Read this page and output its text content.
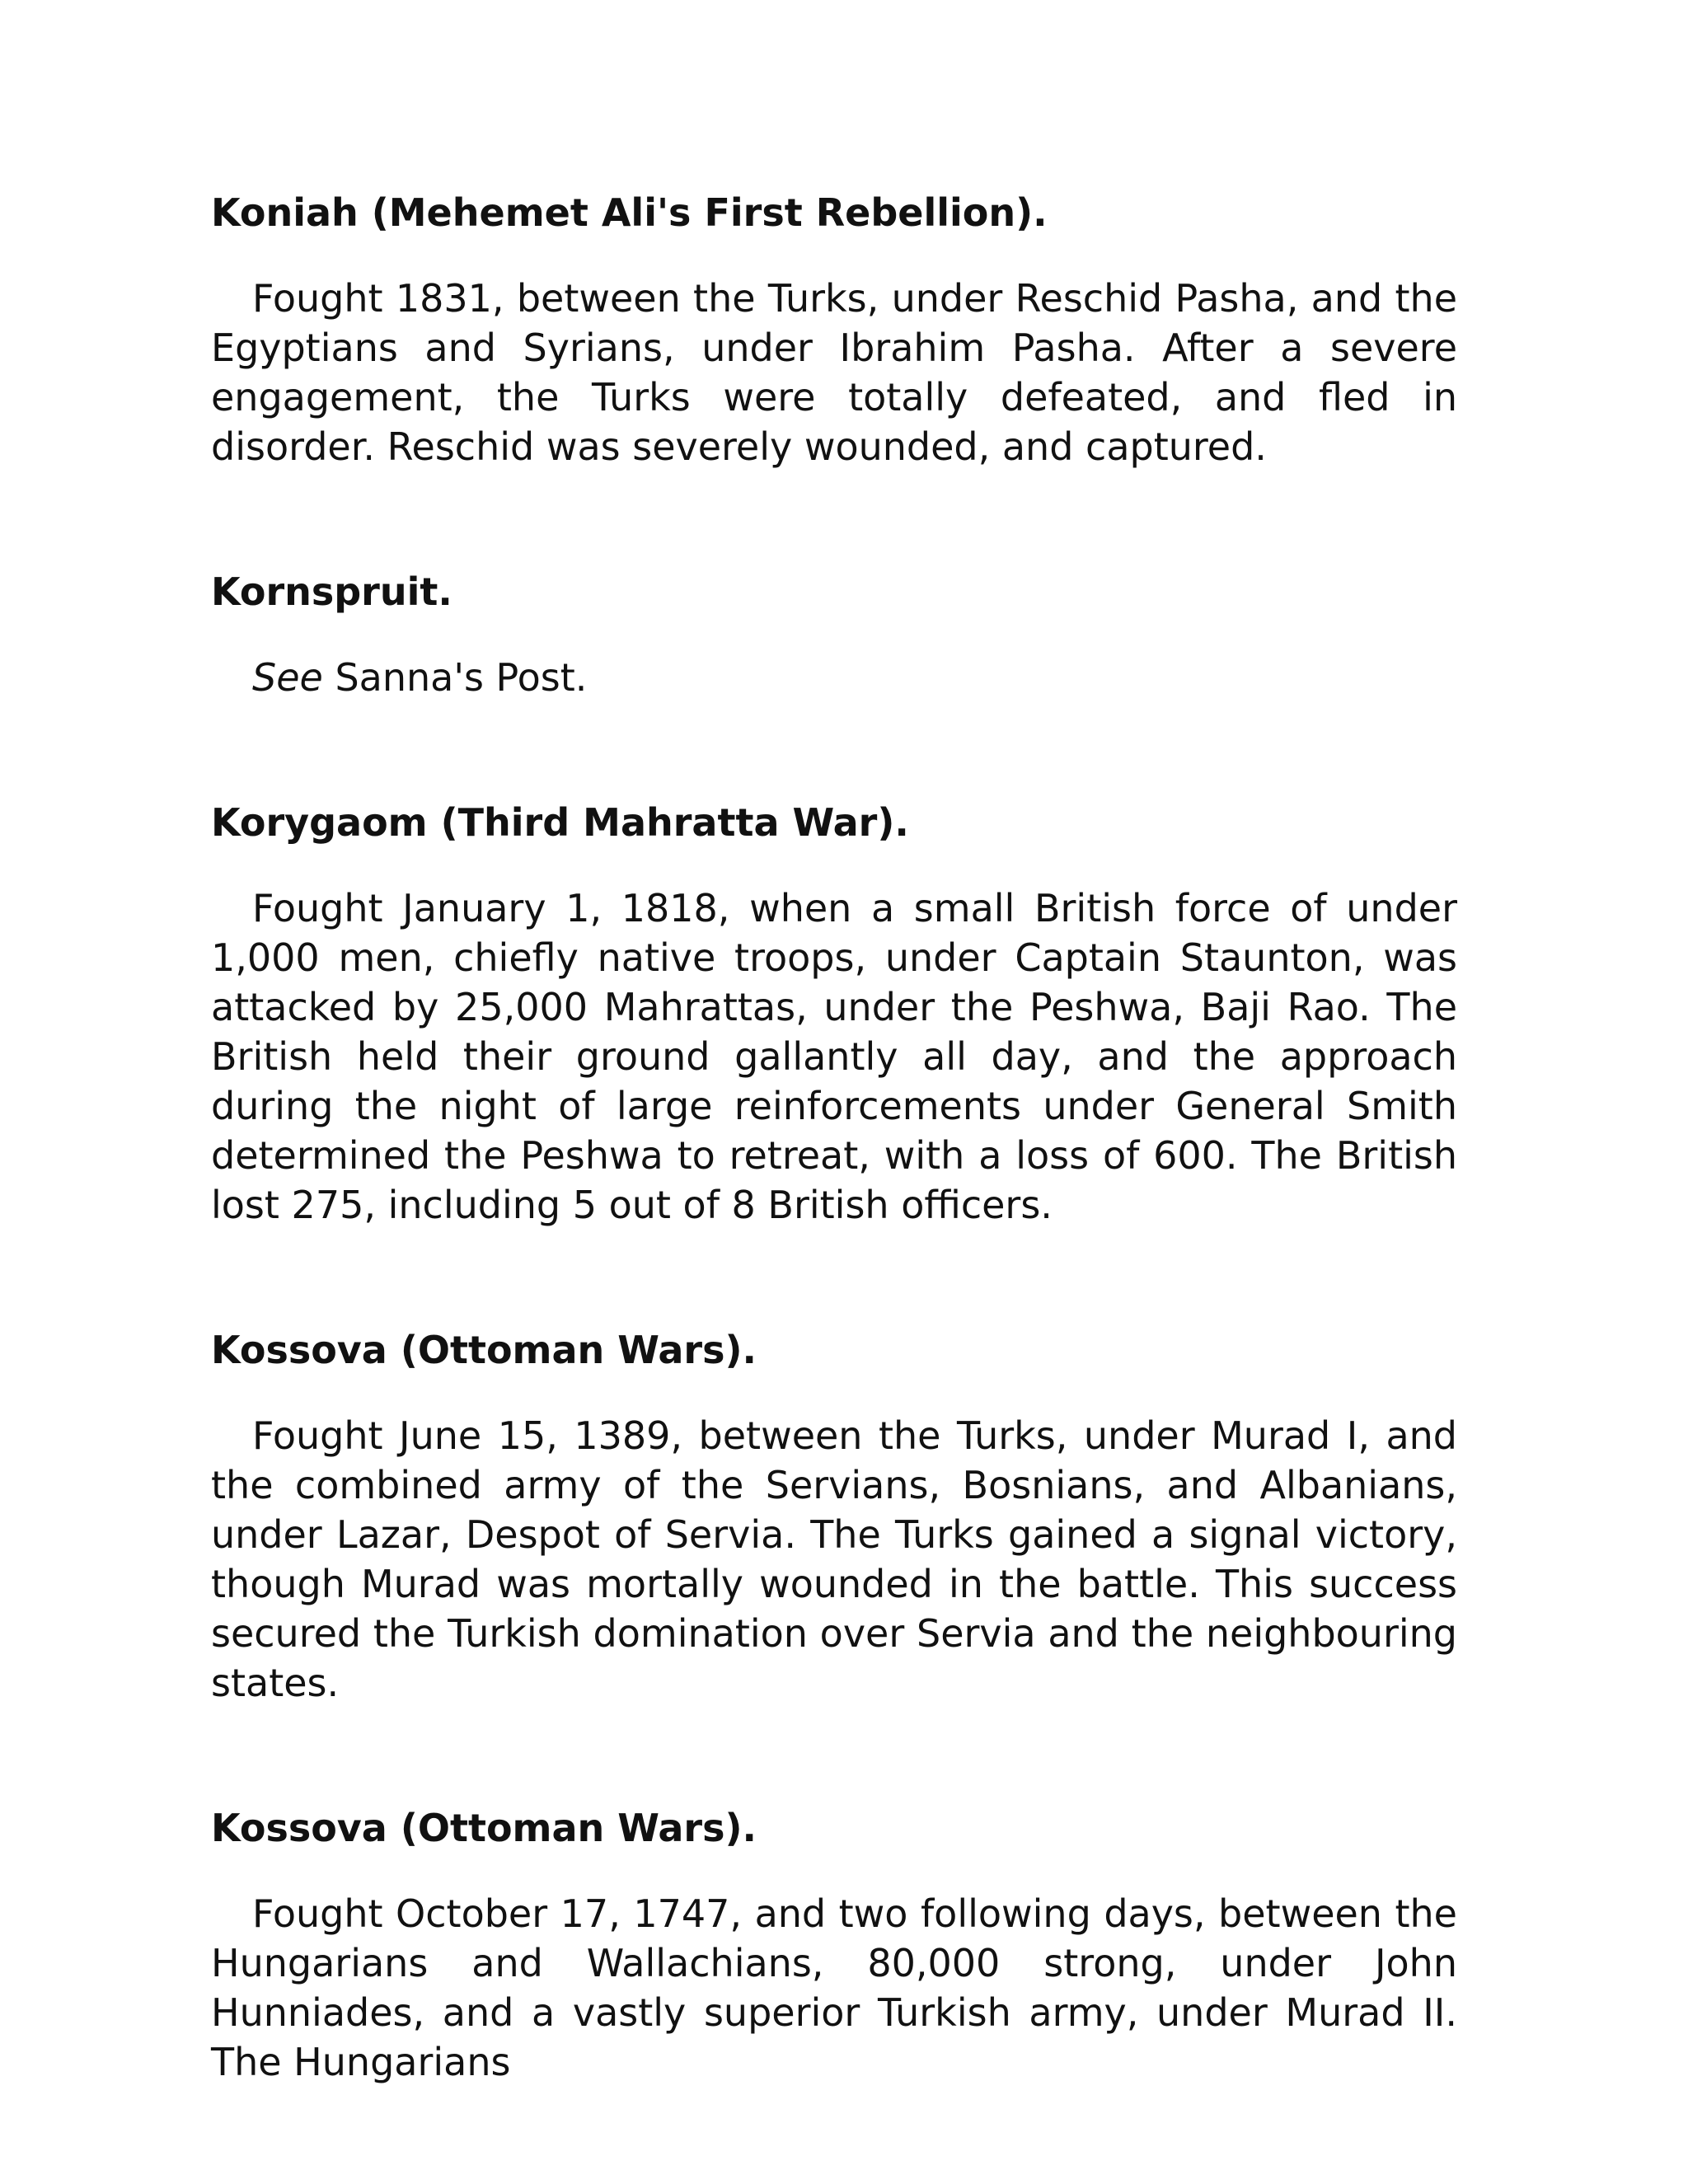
Koniah (Mehemet Ali's First Rebellion).
Fought 1831, between the Turks, under Reschid Pasha, and the Egyptians and Syrians, under Ibrahim Pasha. After a severe engagement, the Turks were totally defeated, and fled in disorder. Reschid was severely wounded, and captured.
Kornspruit.
See Sanna's Post.
Korygaom (Third Mahratta War).
Fought January 1, 1818, when a small British force of under 1,000 men, chiefly native troops, under Captain Staunton, was attacked by 25,000 Mahrattas, under the Peshwa, Baji Rao. The British held their ground gallantly all day, and the approach during the night of large reinforcements under General Smith determined the Peshwa to retreat, with a loss of 600. The British lost 275, including 5 out of 8 British officers.
Kossova (Ottoman Wars).
Fought June 15, 1389, between the Turks, under Murad I, and the combined army of the Servians, Bosnians, and Albanians, under Lazar, Despot of Servia. The Turks gained a signal victory, though Murad was mortally wounded in the battle. This success secured the Turkish domination over Servia and the neighbouring states.
Kossova (Ottoman Wars).
Fought October 17, 1747, and two following days, between the Hungarians and Wallachians, 80,000 strong, under John Hunniades, and a vastly superior Turkish army, under Murad II. The Hungarians
